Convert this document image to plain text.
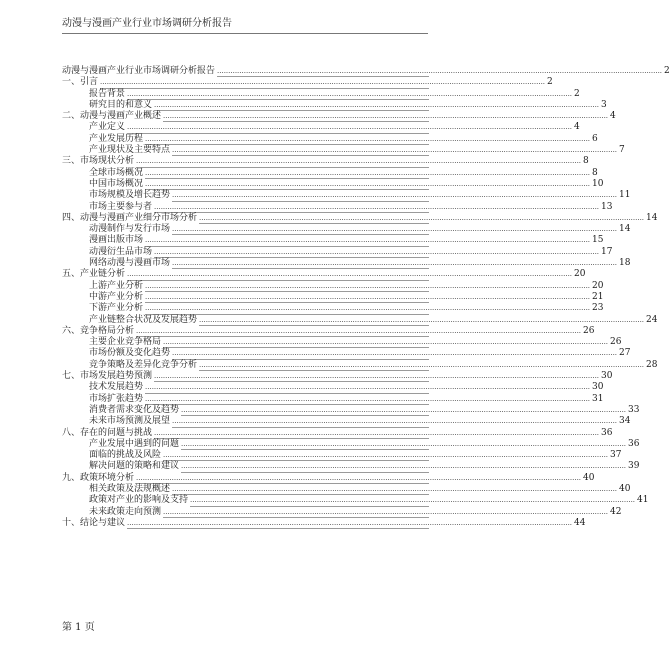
动漫与漫画产业行业市场调研分析报告
动漫与漫画产业行业市场调研分析报告 ........................................................................................................................................................................................................ 2
一、引言 ........................................................................................................................................................................................................ 2
报告背景 ........................................................................................................................................................................................................ 2
研究目的和意义 ........................................................................................................................................................................................................ 3
二、动漫与漫画产业概述 ........................................................................................................................................................................................................ 4
产业定义 ........................................................................................................................................................................................................ 4
产业发展历程 ........................................................................................................................................................................................................ 6
产业现状及主要特点 ........................................................................................................................................................................................................ 7
三、市场现状分析 ........................................................................................................................................................................................................ 8
全球市场概况 ........................................................................................................................................................................................................ 8
中国市场概况 ........................................................................................................................................................................................................ 10
市场规模及增长趋势 ........................................................................................................................................................................................................ 11
市场主要参与者 ........................................................................................................................................................................................................ 13
四、动漫与漫画产业细分市场分析 ........................................................................................................................................................................................................ 14
动漫制作与发行市场 ........................................................................................................................................................................................................ 14
漫画出版市场 ........................................................................................................................................................................................................ 15
动漫衍生品市场 ........................................................................................................................................................................................................ 17
网络动漫与漫画市场 ........................................................................................................................................................................................................ 18
五、产业链分析 ........................................................................................................................................................................................................ 20
上游产业分析 ........................................................................................................................................................................................................ 20
中游产业分析 ........................................................................................................................................................................................................ 21
下游产业分析 ........................................................................................................................................................................................................ 23
产业链整合状况及发展趋势 ........................................................................................................................................................................................................ 24
六、竞争格局分析 ........................................................................................................................................................................................................ 26
主要企业竞争格局 ........................................................................................................................................................................................................ 26
市场份额及变化趋势 ........................................................................................................................................................................................................ 27
竞争策略及差异化竞争分析 ........................................................................................................................................................................................................ 28
七、市场发展趋势预测 ........................................................................................................................................................................................................ 30
技术发展趋势 ........................................................................................................................................................................................................ 30
市场扩张趋势 ........................................................................................................................................................................................................ 31
消费者需求变化及趋势 ........................................................................................................................................................................................................ 33
未来市场预测及展望 ........................................................................................................................................................................................................ 34
八、存在的问题与挑战 ........................................................................................................................................................................................................ 36
产业发展中遇到的问题 ........................................................................................................................................................................................................ 36
面临的挑战及风险 ........................................................................................................................................................................................................ 37
解决问题的策略和建议 ........................................................................................................................................................................................................ 39
九、政策环境分析 ........................................................................................................................................................................................................ 40
相关政策及法规概述 ........................................................................................................................................................................................................ 40
政策对产业的影响及支持 ........................................................................................................................................................................................................ 41
未来政策走向预测 ........................................................................................................................................................................................................ 42
十、结论与建议 ........................................................................................................................................................................................................ 44
第 1 页
